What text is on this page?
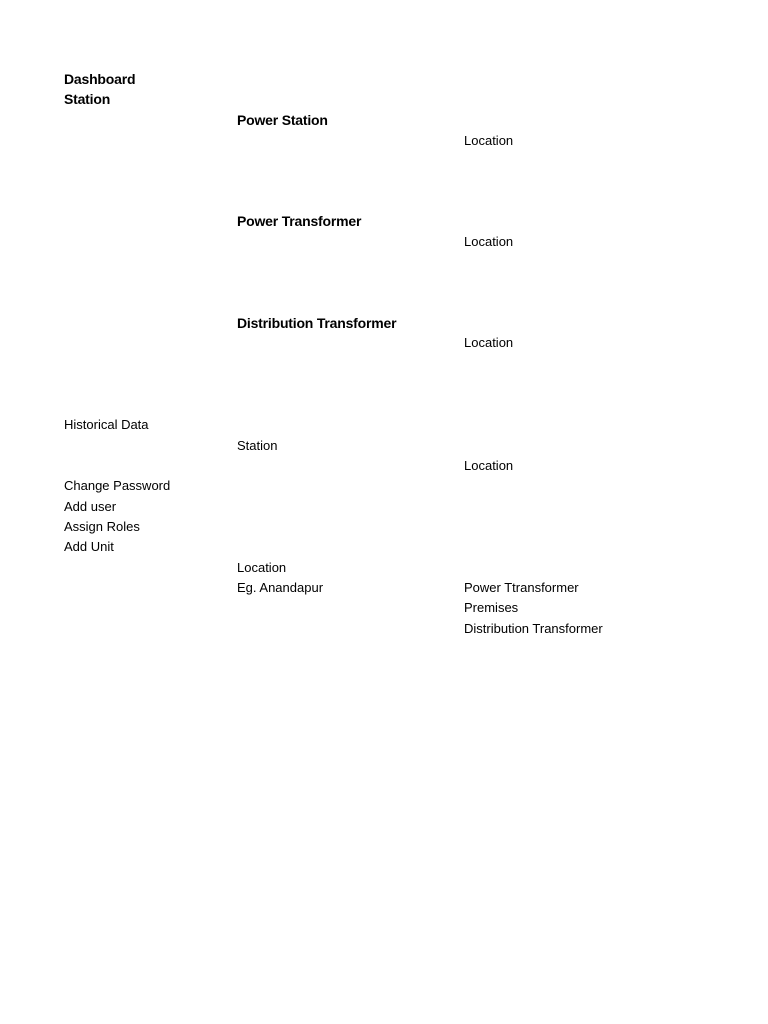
Dashboard
Station
Historical Data
Change Password
Add user
Assign Roles
Add Unit
Power Station
Location
Power Transformer
Location
Distribution Transformer
Location
Station
Location
Location
Eg. Anandapur	Power Ttransformer
Premises
Distribution Transformer
